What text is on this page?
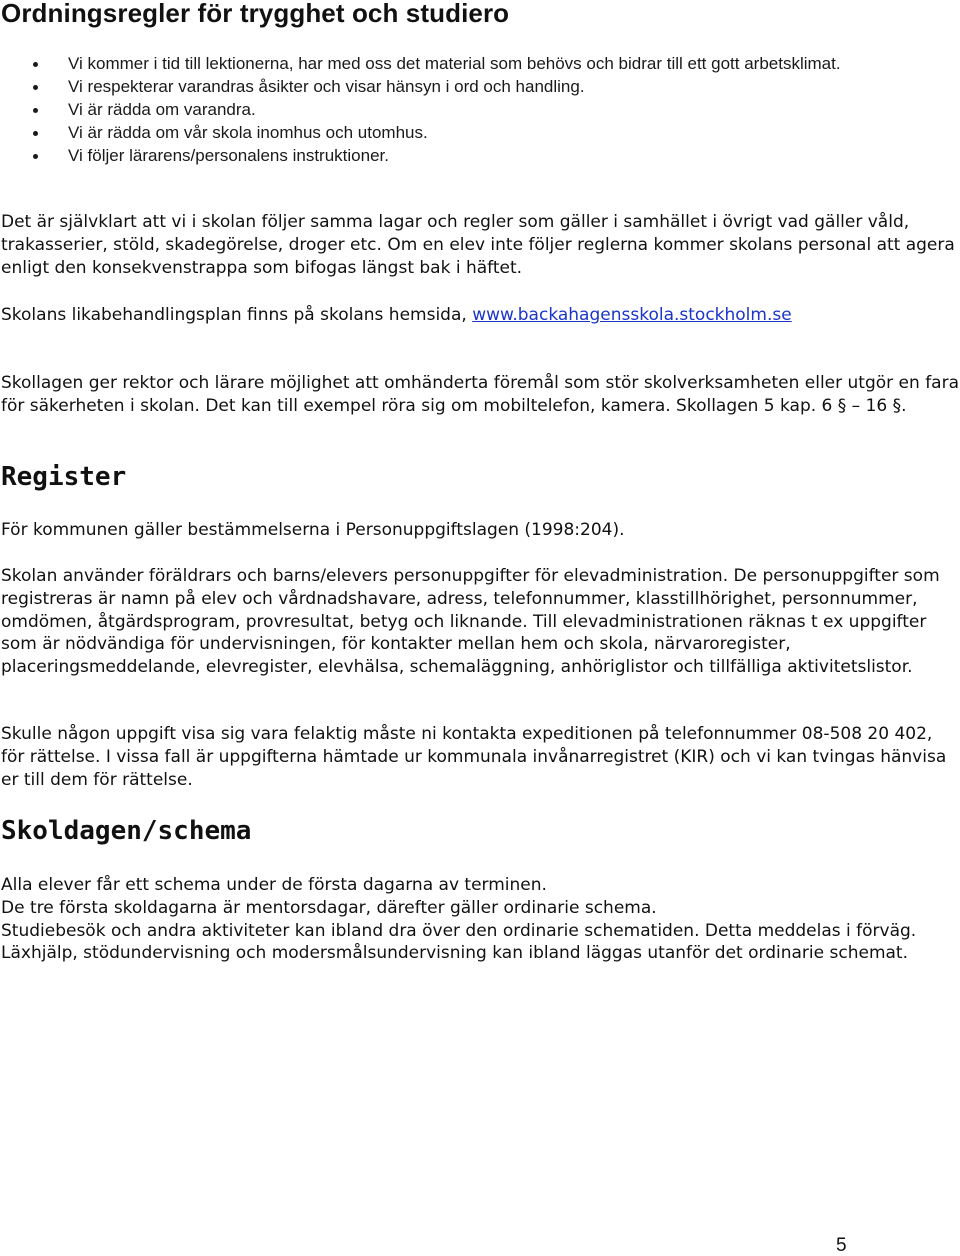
Ordningsregler för trygghet och studiero
Vi kommer i tid till lektionerna, har med oss det material som behövs och bidrar till ett gott arbetsklimat.
Vi respekterar varandras åsikter och visar hänsyn i ord och handling.
Vi är rädda om varandra.
Vi är rädda om vår skola inomhus och utomhus.
Vi följer lärarens/personalens instruktioner.

Det är självklart att vi i skolan följer samma lagar och regler som gäller i samhället i övrigt vad gäller våld, trakasserier, stöld, skadegörelse, droger etc. Om en elev inte följer reglerna kommer skolans personal att agera enligt den konsekvenstrappa som bifogas längst bak i häftet.

Skolans likabehandlingsplan finns på skolans hemsida, www.backahagensskola.stockholm.se

Skollagen ger rektor och lärare möjlighet att omhänderta föremål som stör skolverksamheten eller utgör en fara för säkerheten i skolan. Det kan till exempel röra sig om mobiltelefon, kamera. Skollagen 5 kap. 6 § – 16 §.

Register

För kommunen gäller bestämmelserna i Personuppgiftslagen (1998:204).

Skolan använder föräldrars och barns/elevers personuppgifter för elevadministration. De personuppgifter som registreras är namn på elev och vårdnadshavare, adress, telefonnummer, klasstillhörighet, personnummer, omdömen, åtgärdsprogram, provresultat, betyg och liknande. Till elevadministrationen räknas t ex uppgifter som är nödvändiga för undervisningen, för kontakter mellan hem och skola, närvaroregister, placeringsmeddelande, elevregister, elevhälsa, schemaläggning, anhöriglistor och tillfälliga aktivitetslistor.

Skulle någon uppgift visa sig vara felaktig måste ni kontakta expeditionen på telefonnummer 08-508 20 402, för rättelse. I vissa fall är uppgifterna hämtade ur kommunala invånarregistret (KIR) och vi kan tvingas hänvisa er till dem för rättelse.

Skoldagen/schema

Alla elever får ett schema under de första dagarna av terminen.

De tre första skoldagarna är mentorsdagar, därefter gäller ordinarie schema.

Studiebesök och andra aktiviteter kan ibland dra över den ordinarie schematiden. Detta meddelas i förväg.

Läxhjälp, stödundervisning och modersmålsundervisning kan ibland läggas utanför det ordinarie schemat.

5
